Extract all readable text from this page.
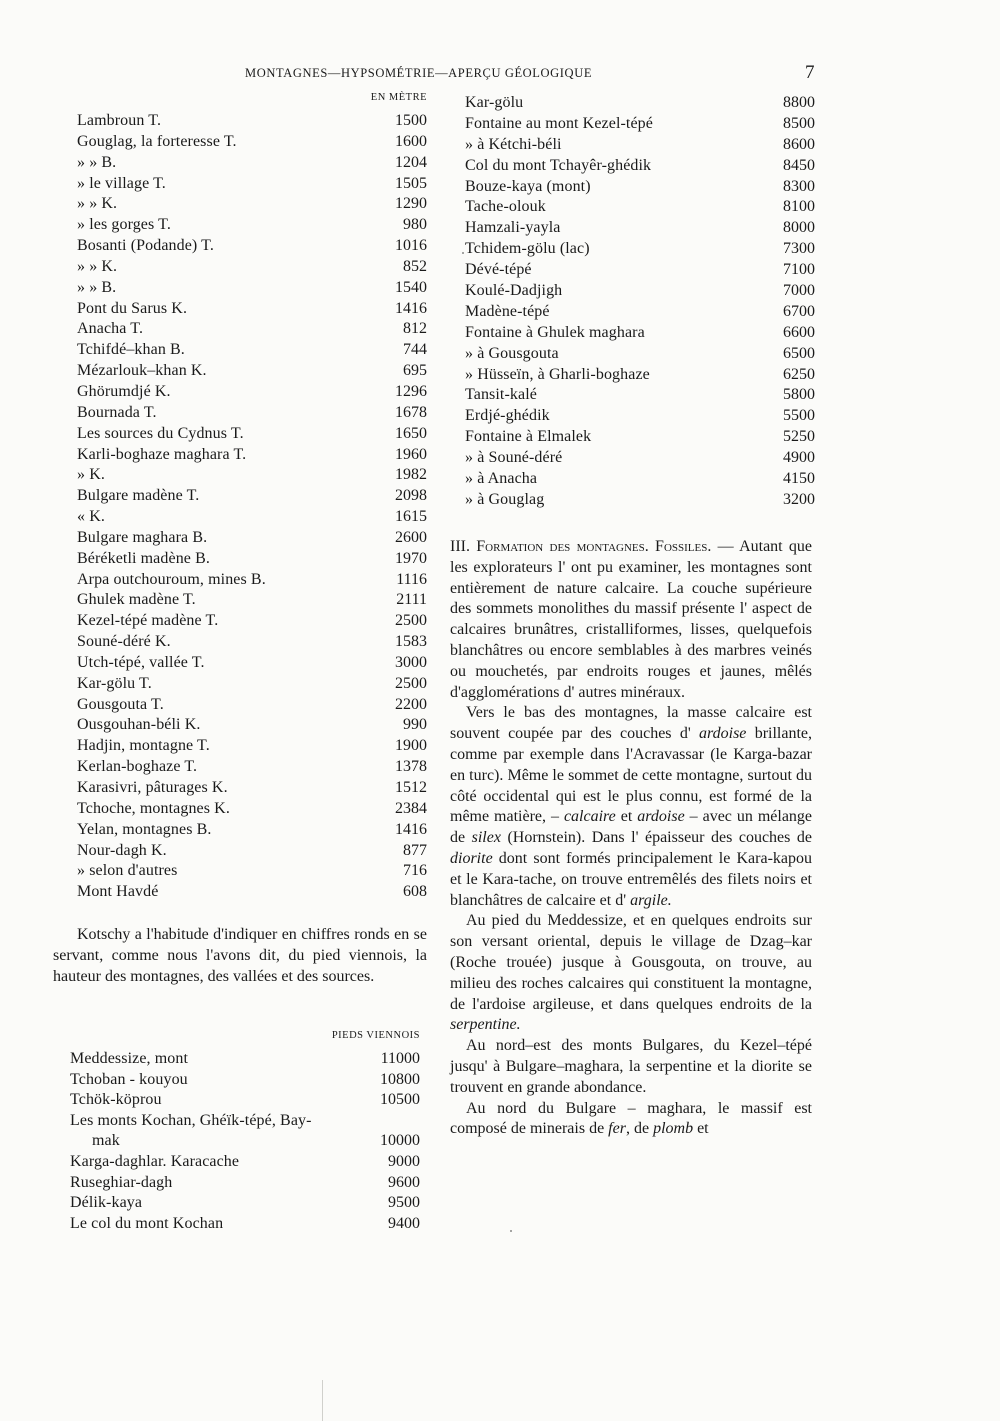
MONTAGNES—HYPSOMÉTRIE—APERÇU GÉOLOGIQUE	7
EN MÈTRE
Lambroun T.	1500
Gouglag, la forteresse T.	1600
» » B.	1204
» le village T.	1505
» » K.	1290
» les gorges T.	980
Bosanti (Podande) T.	1016
» » K.	852
» » B.	1540
Pont du Sarus K.	1416
Anacha T.	812
Tchifdé–khan B.	744
Mézarlouk–khan K.	695
Ghörumdjé K.	1296
Bournada T.	1678
Les sources du Cydnus T.	1650
Karli-boghaze maghara T.	1960
» K.	1982
Bulgare madène T.	2098
« K.	1615
Bulgare maghara B.	2600
Béréketli madène B.	1970
Arpa outchouroum, mines B.	1116
Ghulek madène T.	2111
Kezel-tépé madène T.	2500
Souné-déré K.	1583
Utch-tépé, vallée T.	3000
Kar-gölu T.	2500
Gousgouta T.	2200
Ousgouhan-béli K.	990
Hadjin, montagne T.	1900
Kerlan-boghaze T.	1378
Karasivri, pâturages K.	1512
Tchoche, montagnes K.	2384
Yelan, montagnes B.	1416
Nour-dagh K.	877
» selon d'autres	716
Mont Havdé	608
Kar-gölu	8800
Fontaine au mont Kezel-tépé	8500
» à Kétchi-béli	8600
Col du mont Tchayêr-ghédik	8450
Bouze-kaya (mont)	8300
Tache-olouk	8100
Hamzali-yayla	8000
Tchidem-gölu (lac)	7300
Dévé-tépé	7100
Koulé-Dadjigh	7000
Madène-tépé	6700
Fontaine à Ghulek maghara	6600
» à Gousgouta	6500
» Hüsseïn, à Gharli-boghaze	6250
Tansit-kalé	5800
Erdjé-ghédik	5500
Fontaine à Elmalek	5250
» à Souné-déré	4900
» à Anacha	4150
» à Gouglag	3200

Kotschy a l'habitude d'indiquer en chiffres ronds en se servant, comme nous l'avons dit, du pied viennois, la hauteur des montagnes, des vallées et des sources.

PIEDS VIENNOIS
Meddessize, mont	11000
Tchoban - kouyou	10800
Tchök-köprou	10500
Les monts Kochan, Ghéïk-tépé, Bay-
mak	10000
Karga-daghlar. Karacache	9000
Ruseghiar-dagh	9600
Délik-kaya	9500
Le col du mont Kochan	9400

III. Formation des montagnes. Fossiles. — Autant que les explorateurs l' ont pu examiner, les montagnes sont entièrement de nature calcaire. La couche supérieure des sommets monolithes du massif présente l' aspect de calcaires brunâtres, cristalliformes, lisses, quelquefois blanchâtres ou encore semblables à des marbres veinés ou mouchetés, par endroits rouges et jaunes, mêlés d'agglomérations d' autres minéraux.

Vers le bas des montagnes, la masse calcaire est souvent coupée par des couches d' ardoise brillante, comme par exemple dans l'Acravassar (le Karga-bazar en turc). Même le sommet de cette montagne, surtout du côté occidental qui est le plus connu, est formé de la même matière, – calcaire et ardoise – avec un mélange de silex (Hornstein). Dans l' épaisseur des couches de diorite dont sont formés principalement le Kara-kapou et le Kara-tache, on trouve entremêlés des filets noirs et blanchâtres de calcaire et d' argile.

Au pied du Meddessize, et en quelques endroits sur son versant oriental, depuis le village de Dzag–kar (Roche trouée) jusque à Gousgouta, on trouve, au milieu des roches calcaires qui constituent la montagne, de l'ardoise argileuse, et dans quelques endroits de la serpentine.

Au nord–est des monts Bulgares, du Kezel–tépé jusqu' à Bulgare–maghara, la serpentine et la diorite se trouvent en grande abondance.

Au nord du Bulgare – maghara, le massif est composé de minerais de fer, de plomb et
